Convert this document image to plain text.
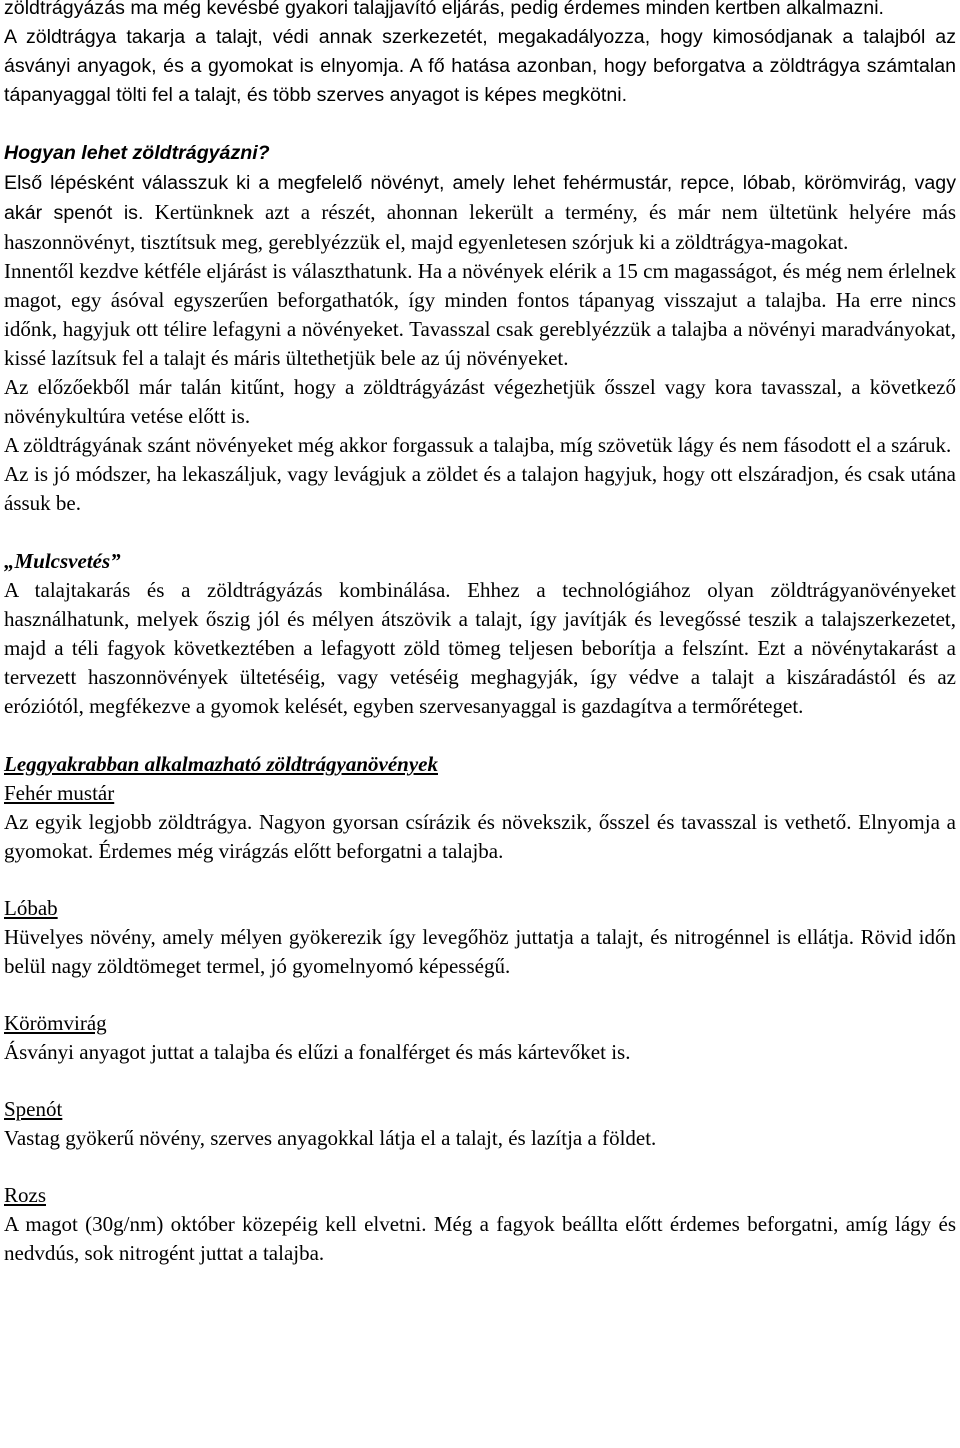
zöldtrágyázás ma még kevésbé gyakori talajjavító eljárás, pedig érdemes minden kertben alkalmazni.

A zöldtrágya takarja a talajt, védi annak szerkezetét, megakadályozza, hogy kimosódjanak a talajból az ásványi anyagok, és a gyomokat is elnyomja. A fő hatása azonban, hogy beforgatva a zöldtrágya számtalan tápanyaggal tölti fel a talajt, és több szerves anyagot is képes megkötni.

Hogyan lehet zöldtrágyázni?

Első lépésként válasszuk ki a megfelelő növényt, amely lehet fehérmustár, repce, lóbab, körömvirág, vagy akár spenót is. Kertünknek azt a részét, ahonnan lekerült a termény, és már nem ültetünk helyére más haszonnövényt, tisztítsuk meg, gereblyézzük el, majd egyenletesen szórjuk ki a zöldtrágya-magokat.

Innentől kezdve kétféle eljárást is választhatunk. Ha a növények elérik a 15 cm magasságot, és még nem érlelnek magot, egy ásóval egyszerűen beforgathatók, így minden fontos tápanyag visszajut a talajba. Ha erre nincs időnk, hagyjuk ott télire lefagyni a növényeket. Tavasszal csak gereblyézzük a talajba a növényi maradványokat, kissé lazítsuk fel a talajt és máris ültethetjük bele az új növényeket.

Az előzőekből már talán kitűnt, hogy a zöldtrágyázást végezhetjük ősszel vagy kora tavasszal, a következő növénykultúra vetése előtt is.

A zöldtrágyának szánt növényeket még akkor forgassuk a talajba, míg szövetük lágy és nem fásodott el a száruk.

Az is jó módszer, ha lekaszáljuk, vagy levágjuk a zöldet és a talajon hagyjuk, hogy ott elszáradjon, és csak utána ássuk be.

„Mulcsvetés”

A talajtakarás és a zöldtrágyázás kombinálása. Ehhez a technológiához olyan zöldtrágyanövényeket használhatunk, melyek őszig jól és mélyen átszövik a talajt, így javítják és levegőssé teszik a talajszerkezetet, majd a téli fagyok következtében a lefagyott zöld tömeg teljesen beborítja a felszínt. Ezt a növénytakarást a tervezett haszonnövények ültetéséig, vagy vetéséig meghagyják, így védve a talajt a kiszáradástól és az eróziótól, megfékezve a gyomok kelését, egyben szervesanyaggal is gazdagítva a termőréteget.

Leggyakrabban alkalmazható zöldtrágyanövények

Fehér mustár

Az egyik legjobb zöldtrágya. Nagyon gyorsan csírázik és növekszik, ősszel és tavasszal is vethető. Elnyomja a gyomokat. Érdemes még virágzás előtt beforgatni a talajba.

Lóbab

Hüvelyes növény, amely mélyen gyökerezik így levegőhöz juttatja a talajt, és nitrogénnel is ellátja. Rövid időn belül nagy zöldtömeget termel, jó gyomelnyomó képességű.

Körömvirág

Ásványi anyagot juttat a talajba és elűzi a fonalférget és más kártevőket is.

Spenót

Vastag gyökerű növény, szerves anyagokkal látja el a talajt, és lazítja a földet.

Rozs

A magot (30g/nm) október közepéig kell elvetni. Még a fagyok beállta előtt érdemes beforgatni, amíg lágy és nedvdús, sok nitrogént juttat a talajba.
